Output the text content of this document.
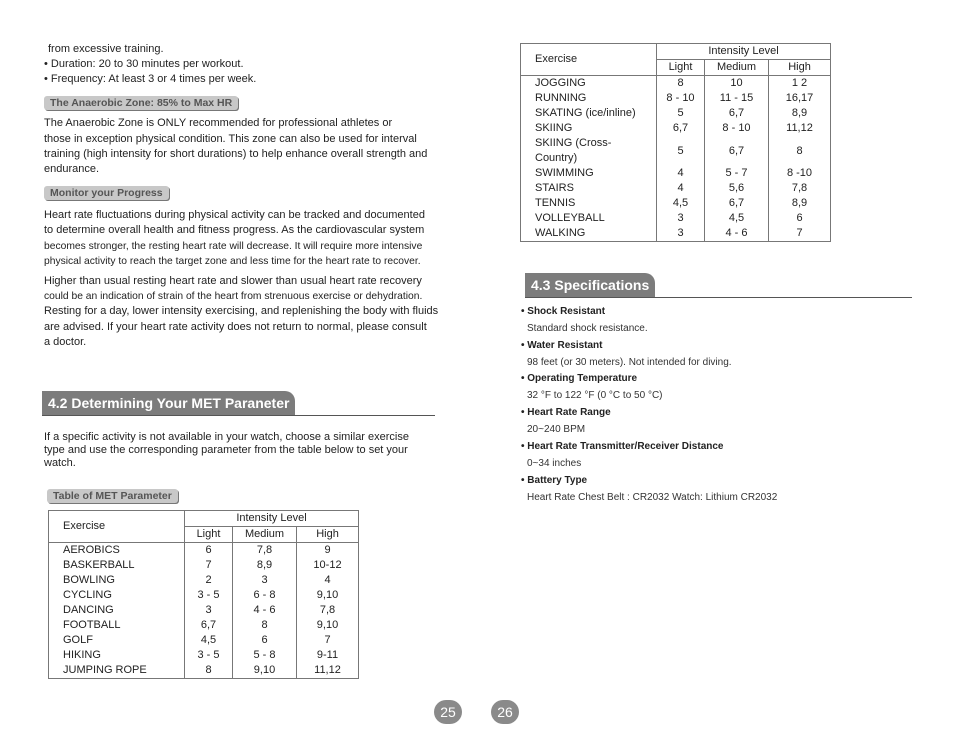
from excessive training.
• Duration: 20 to 30 minutes per workout.
• Frequency: At least 3 or 4 times per week.
The Anaerobic Zone: 85% to Max HR
The Anaerobic Zone is ONLY recommended for professional athletes or
those in exception physical condition. This zone can also be used for interval
training (high intensity for short durations) to help enhance overall strength and
endurance.
Monitor your Progress
Heart rate fluctuations during physical activity can be tracked and documented
to determine overall health and fitness progress. As the cardiovascular system
becomes stronger, the resting heart rate will decrease. It will require more intensive
physical activity to reach the target zone and less time for the heart rate to recover.
Higher than usual resting heart rate and slower than usual heart rate recovery
could be an indication of strain of the heart from strenuous exercise or dehydration.
Resting for a day, lower intensity exercising, and replenishing the body with fluids
are advised. If your heart rate activity does not return to normal, please consult
a doctor.
4.2 Determining Your MET Paraneter
If a specific activity is not available in your watch, choose a similar exercise
type and use the corresponding parameter from the table below to set your
watch.
Table of MET Parameter
Exercise	Intensity Level		
	Light	Medium	High
AEROBICS	6	7,8	9
BASKERBALL	7	8,9	10-12
BOWLING	2	3	4
CYCLING	3 - 5	6 - 8	9,10
DANCING	3	4 - 6	7,8
FOOTBALL	6,7	8	9,10
GOLF	4,5	6	7
HIKING	3 - 5	5 - 8	9-11
JUMPING ROPE	8	9,10	11,12
25
Exercise	Intensity Level		
	Light	Medium	High
JOGGING	8	10	1 2
RUNNING	8 - 10	11 - 15	16,17
SKATING (ice/inline)	5	6,7	8,9
SKIING	6,7	8 - 10	11,12
SKIING (Cross-Country)	5	6,7	8
SWIMMING	4	5 - 7	8 -10
STAIRS	4	5,6	7,8
TENNIS	4,5	6,7	8,9
VOLLEYBALL	3	4,5	6
WALKING	3	4 - 6	7
4.3 Specifications
• Shock Resistant
Standard shock resistance.
• Water Resistant
98 feet (or 30 meters). Not intended for diving.
• Operating Temperature
32 °F to 122 °F (0 °C to 50 °C)
• Heart Rate Range
20~240 BPM
• Heart Rate Transmitter/Receiver Distance
0~34 inches
• Battery Type
Heart Rate Chest Belt : CR2032 Watch: Lithium CR2032
26
